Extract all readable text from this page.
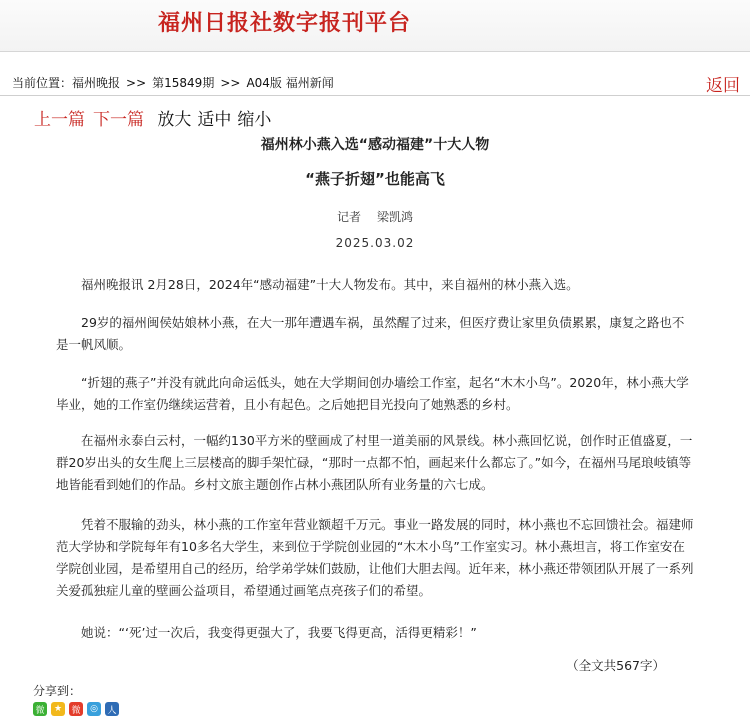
福州日报社数字报刊平台
当前位置：福州晚报 >> 第15849期 >> A04版 福州新闻	返回
上一篇 下一篇 放大 适中 缩小
福州林小燕入选“感动福建”十大人物
“燕子折翅”也能高飞
记者 梁凯鸿
2025.03.02

福州晚报讯 2月28日，2024年“感动福建”十大人物发布。其中，来自福州的林小燕入选。

29岁的福州闽侯姑娘林小燕，在大一那年遭遇车祸，虽然醒了过来，但医疗费让家里负债累累，康复之路也不是一帆风顺。

“折翅的燕子”并没有就此向命运低头，她在大学期间创办墙绘工作室，起名“木木小鸟”。2020年，林小燕大学毕业，她的工作室仍继续运营着，且小有起色。之后她把目光投向了她熟悉的乡村。

在福州永泰白云村，一幅约130平方米的壁画成了村里一道美丽的风景线。林小燕回忆说，创作时正值盛夏，一群20岁出头的女生爬上三层楼高的脚手架忙碌，“那时一点都不怕，画起来什么都忘了。”如今，在福州马尾琅岐镇等地皆能看到她们的作品。乡村文旅主题创作占林小燕团队所有业务量的六七成。

凭着不服输的劲头，林小燕的工作室年营业额超千万元。事业一路发展的同时，林小燕也不忘回馈社会。福建师范大学协和学院每年有10多名大学生，来到位于学院创业园的“木木小鸟”工作室实习。林小燕坦言，将工作室安在学院创业园，是希望用自己的经历，给学弟学妹们鼓励，让他们大胆去闯。近年来，林小燕还带领团队开展了一系列关爱孤独症儿童的壁画公益项目，希望通过画笔点亮孩子们的希望。

她说：“‘死’过一次后，我变得更强大了，我要飞得更高，活得更精彩！”

（全文共567字）
分享到：
微	★	微	◎	人
